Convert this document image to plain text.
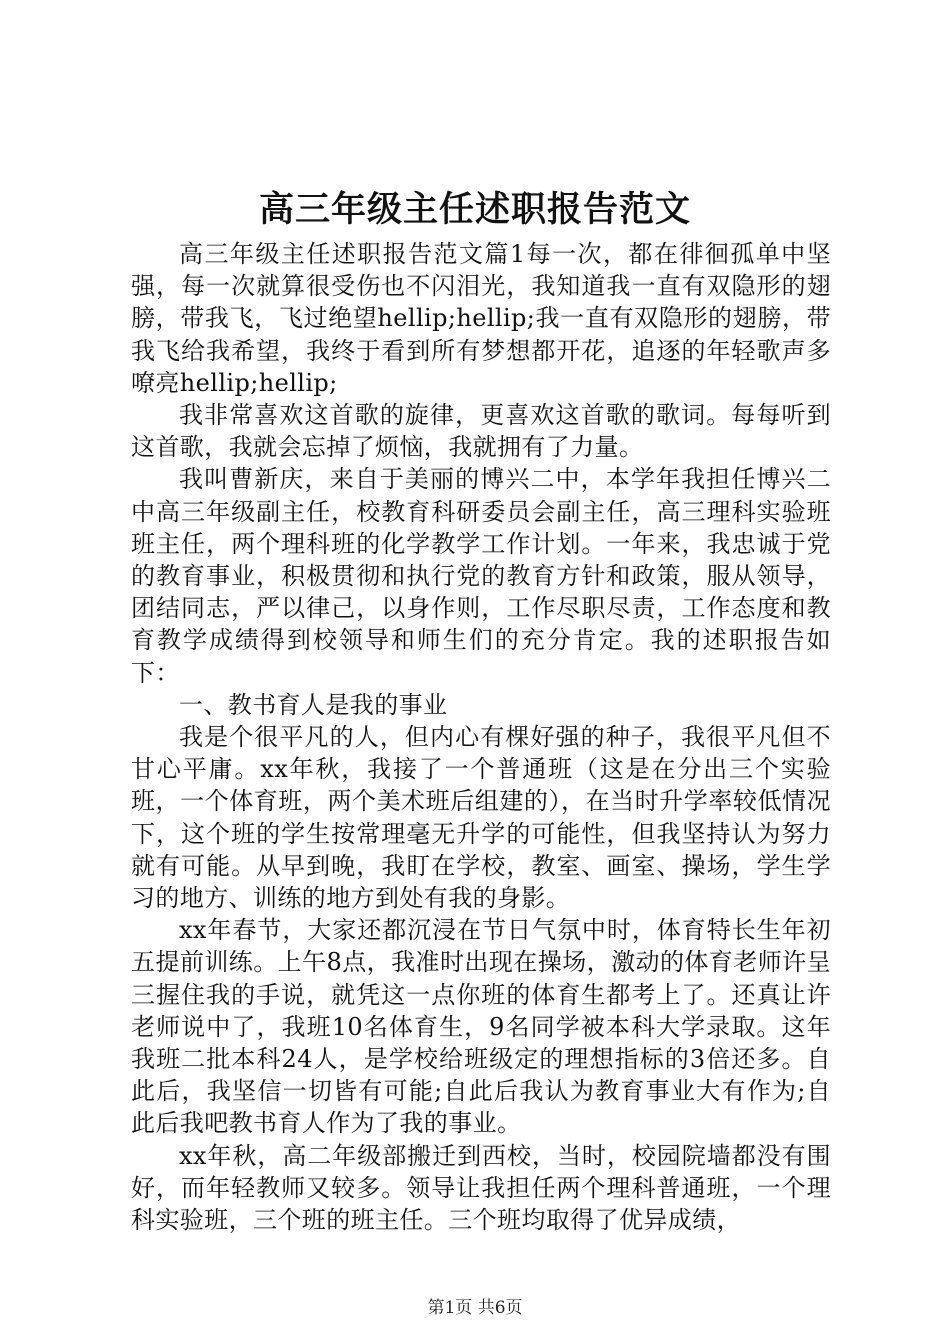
高三年级主任述职报告范文

高三年级主任述职报告范文篇1每一次，都在徘徊孤单中坚强，每一次就算很受伤也不闪泪光，我知道我一直有双隐形的翅膀，带我飞，飞过绝望hellip;hellip;我一直有双隐形的翅膀，带我飞给我希望，我终于看到所有梦想都开花，追逐的年轻歌声多嘹亮hellip;hellip;

我非常喜欢这首歌的旋律，更喜欢这首歌的歌词。每每听到这首歌，我就会忘掉了烦恼，我就拥有了力量。

我叫曹新庆，来自于美丽的博兴二中，本学年我担任博兴二中高三年级副主任，校教育科研委员会副主任，高三理科实验班班主任，两个理科班的化学教学工作计划。一年来，我忠诚于党的教育事业，积极贯彻和执行党的教育方针和政策，服从领导，团结同志，严以律己，以身作则，工作尽职尽责，工作态度和教育教学成绩得到校领导和师生们的充分肯定。我的述职报告如下：

一、教书育人是我的事业

我是个很平凡的人，但内心有棵好强的种子，我很平凡但不甘心平庸。xx年秋，我接了一个普通班（这是在分出三个实验班，一个体育班，两个美术班后组建的），在当时升学率较低情况下，这个班的学生按常理毫无升学的可能性，但我坚持认为努力就有可能。从早到晚，我盯在学校，教室、画室、操场，学生学习的地方、训练的地方到处有我的身影。

xx年春节，大家还都沉浸在节日气氛中时，体育特长生年初五提前训练。上午8点，我准时出现在操场，激动的体育老师许呈三握住我的手说，就凭这一点你班的体育生都考上了。还真让许老师说中了，我班10名体育生，9名同学被本科大学录取。这年我班二批本科24人，是学校给班级定的理想指标的3倍还多。自此后，我坚信一切皆有可能;自此后我认为教育事业大有作为;自此后我吧教书育人作为了我的事业。

xx年秋，高二年级部搬迁到西校，当时，校园院墙都没有围好，而年轻教师又较多。领导让我担任两个理科普通班，一个理科实验班，三个班的班主任。三个班均取得了优异成绩，

第1页 共6页
